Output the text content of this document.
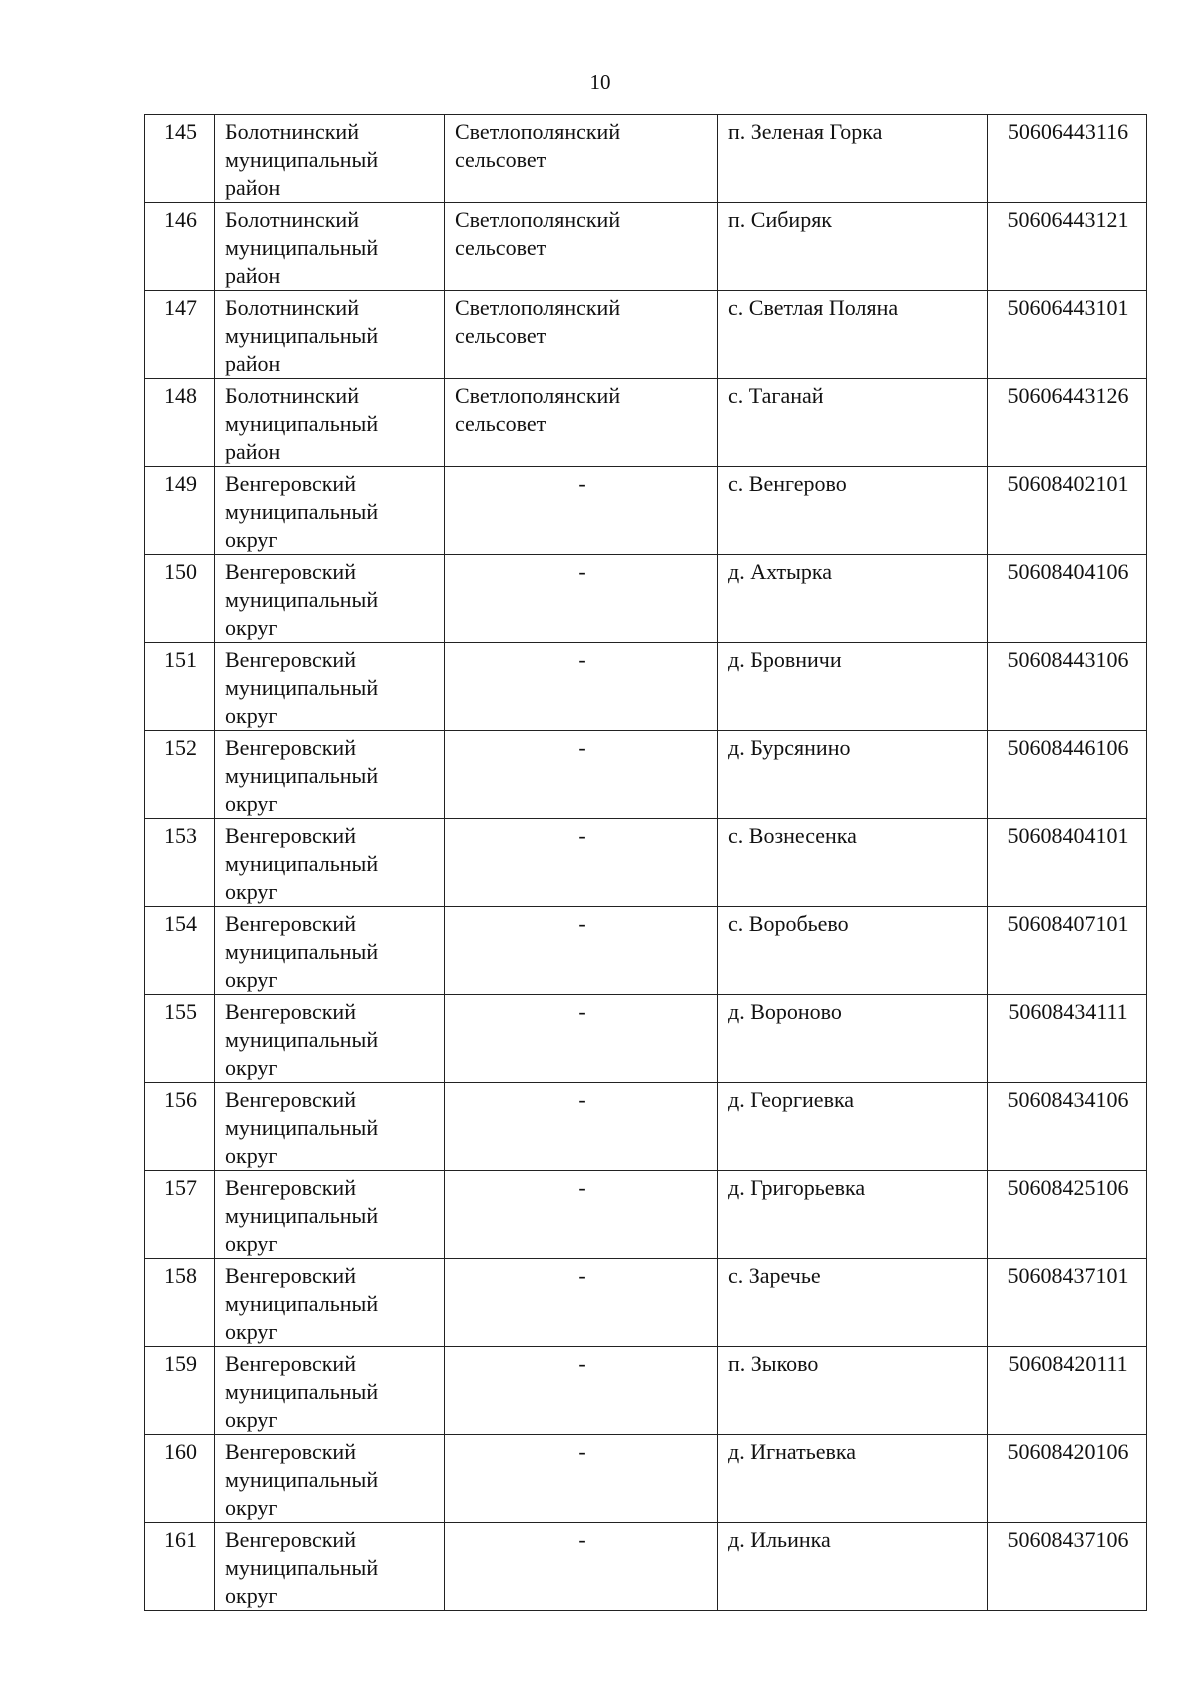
10
145	Болотнинский
муниципальный
район	Светлополянский
сельсовет	п. Зеленая Горка	50606443116
146	Болотнинский
муниципальный
район	Светлополянский
сельсовет	п. Сибиряк	50606443121
147	Болотнинский
муниципальный
район	Светлополянский
сельсовет	с. Светлая Поляна	50606443101
148	Болотнинский
муниципальный
район	Светлополянский
сельсовет	с. Таганай	50606443126
149	Венгеровский
муниципальный
округ	-	с. Венгерово	50608402101
150	Венгеровский
муниципальный
округ	-	д. Ахтырка	50608404106
151	Венгеровский
муниципальный
округ	-	д. Бровничи	50608443106
152	Венгеровский
муниципальный
округ	-	д. Бурсянино	50608446106
153	Венгеровский
муниципальный
округ	-	с. Вознесенка	50608404101
154	Венгеровский
муниципальный
округ	-	с. Воробьево	50608407101
155	Венгеровский
муниципальный
округ	-	д. Вороново	50608434111
156	Венгеровский
муниципальный
округ	-	д. Георгиевка	50608434106
157	Венгеровский
муниципальный
округ	-	д. Григорьевка	50608425106
158	Венгеровский
муниципальный
округ	-	с. Заречье	50608437101
159	Венгеровский
муниципальный
округ	-	п. Зыково	50608420111
160	Венгеровский
муниципальный
округ	-	д. Игнатьевка	50608420106
161	Венгеровский
муниципальный
округ	-	д. Ильинка	50608437106
